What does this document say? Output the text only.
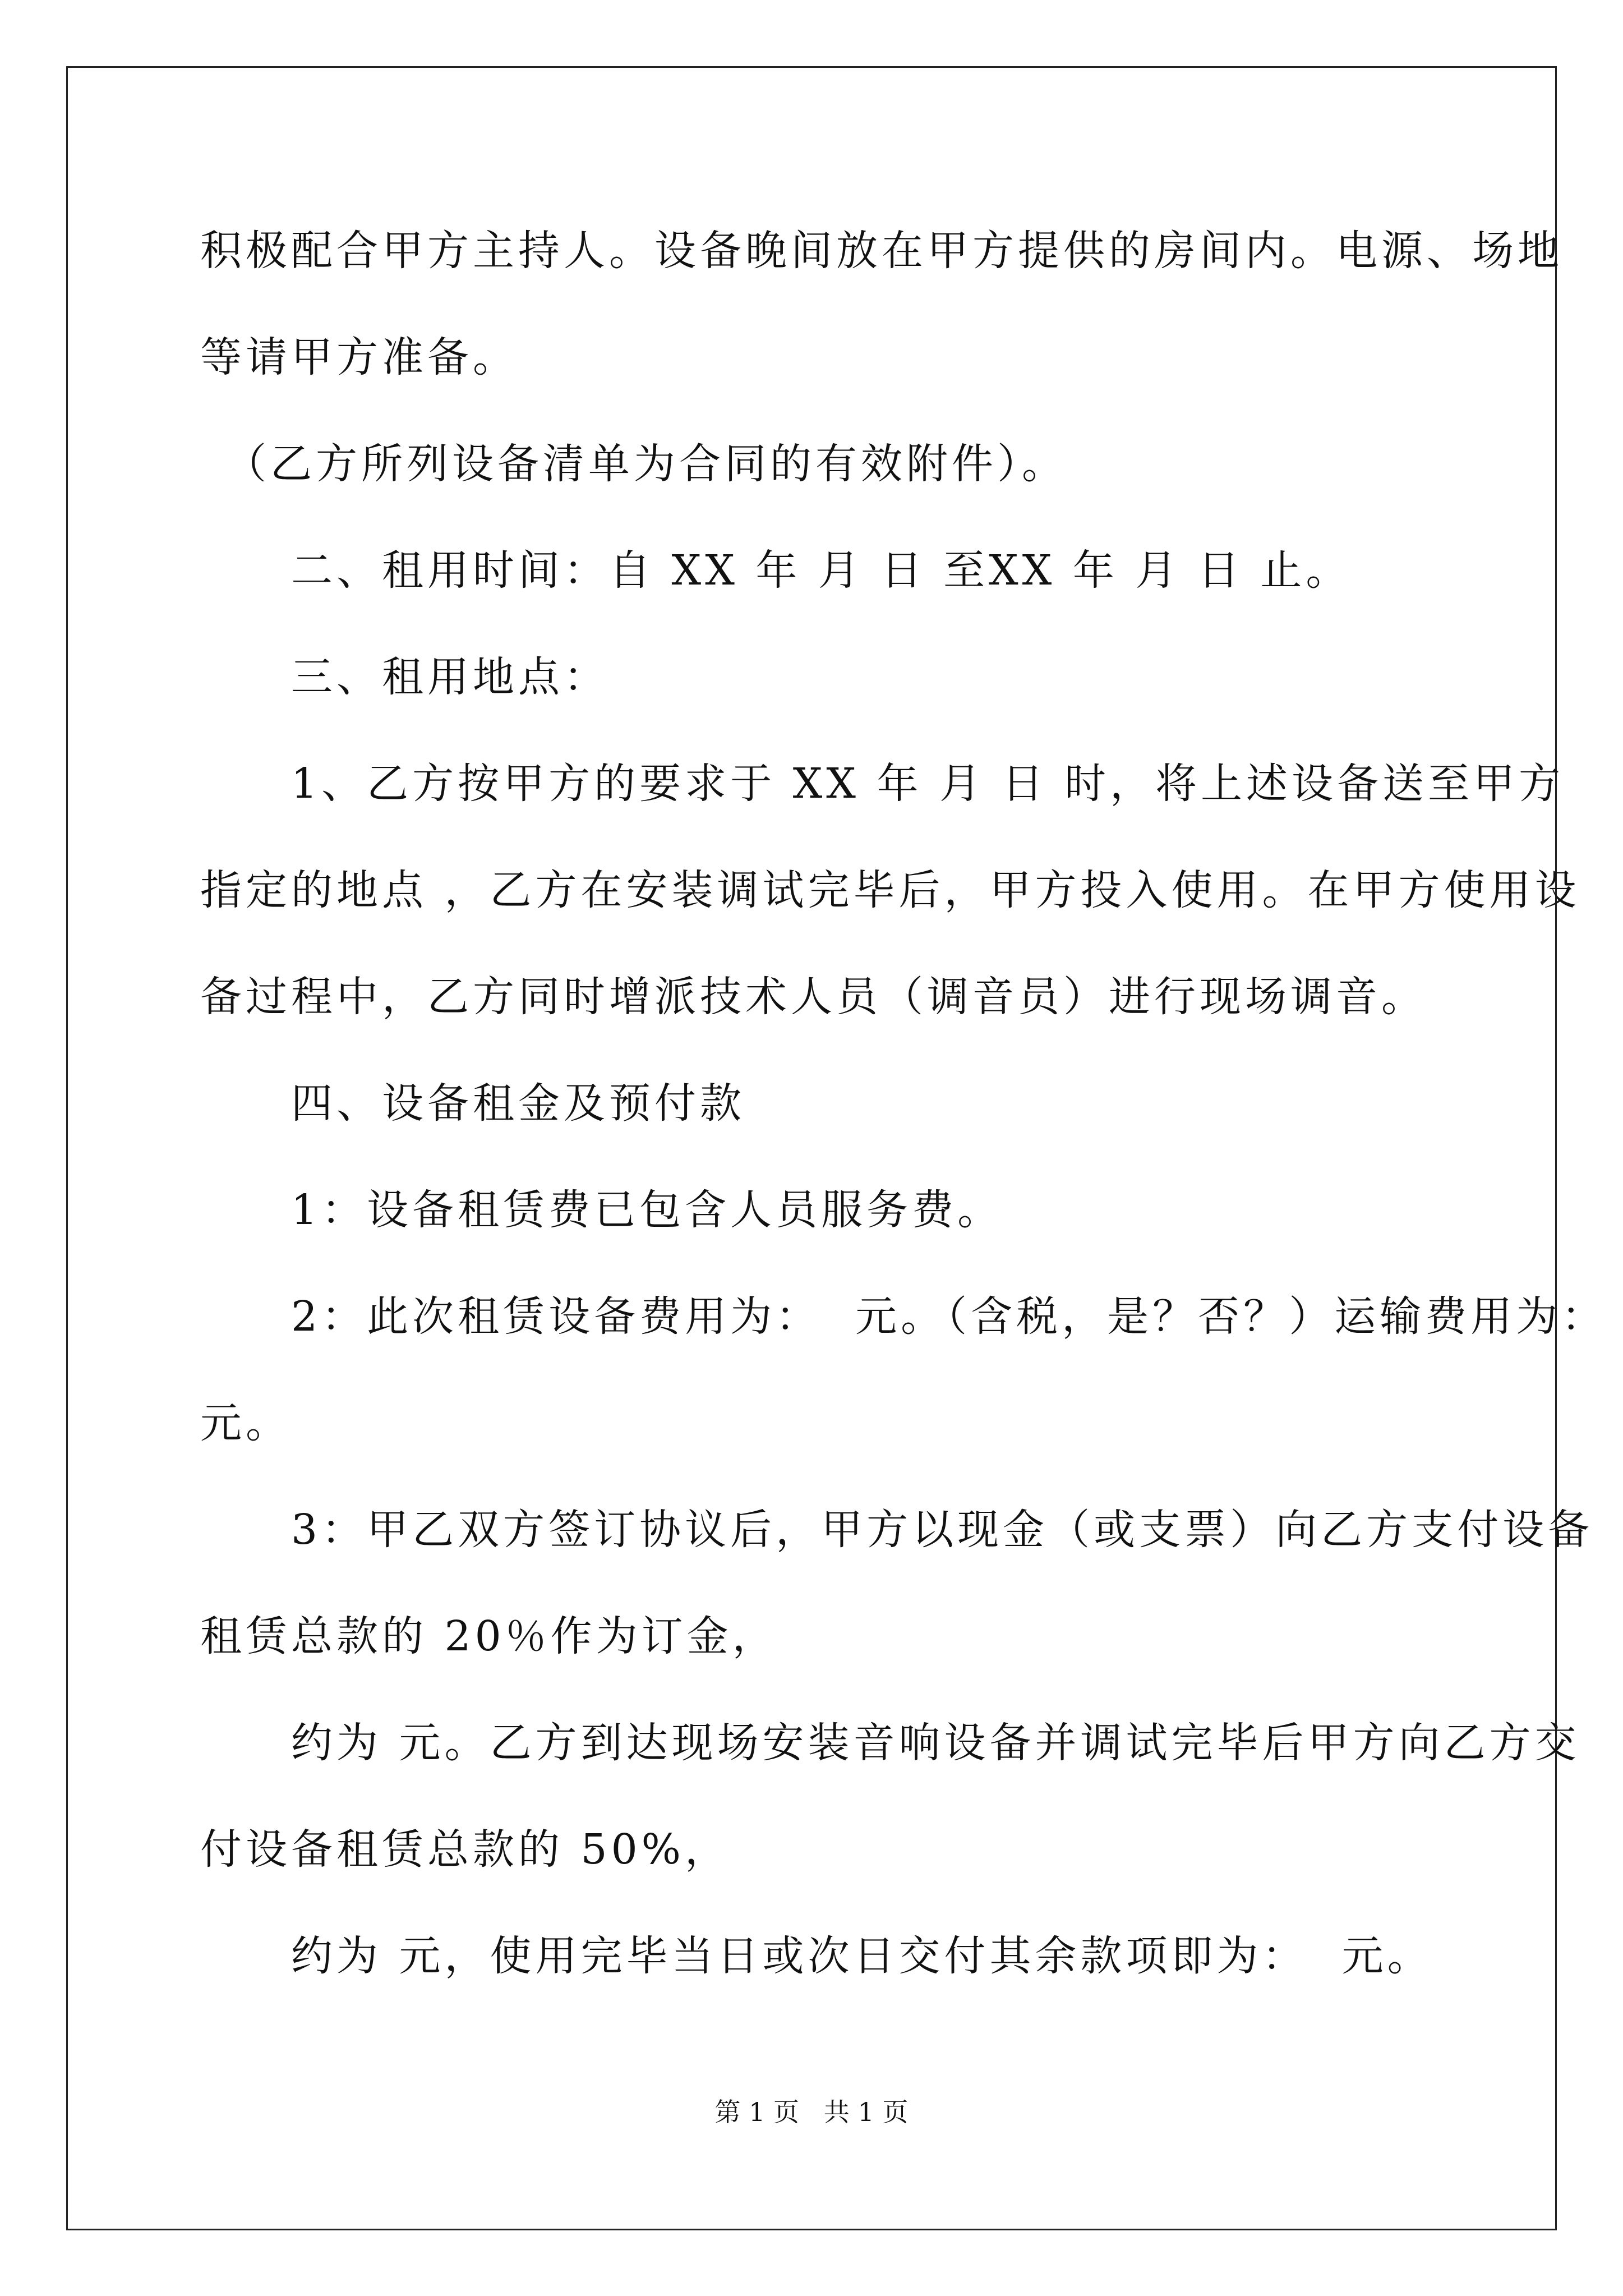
积极配合甲方主持人。设备晚间放在甲方提供的房间内。电源、场地
等请甲方准备。
　（乙方所列设备清单为合同的有效附件）。
　　二、租用时间：自 XX 年 月 日 至XX 年 月 日 止。
　　三、租用地点：
　　1、乙方按甲方的要求于 XX 年 月 日 时，将上述设备送至甲方
指定的地点 ，乙方在安装调试完毕后，甲方投入使用。在甲方使用设
备过程中，乙方同时增派技术人员（调音员）进行现场调音。
　　四、设备租金及预付款
　　1：设备租赁费已包含人员服务费。
　　2：此次租赁设备费用为：  元。（含税，是？否？）运输费用为：
元。
　　3：甲乙双方签订协议后，甲方以现金（或支票）向乙方支付设备
租赁总款的 20％作为订金，
　　约为 元。乙方到达现场安装音响设备并调试完毕后甲方向乙方交
付设备租赁总款的 50%，
　　约为 元，使用完毕当日或次日交付其余款项即为：  元。
第 1 页   共 1 页
